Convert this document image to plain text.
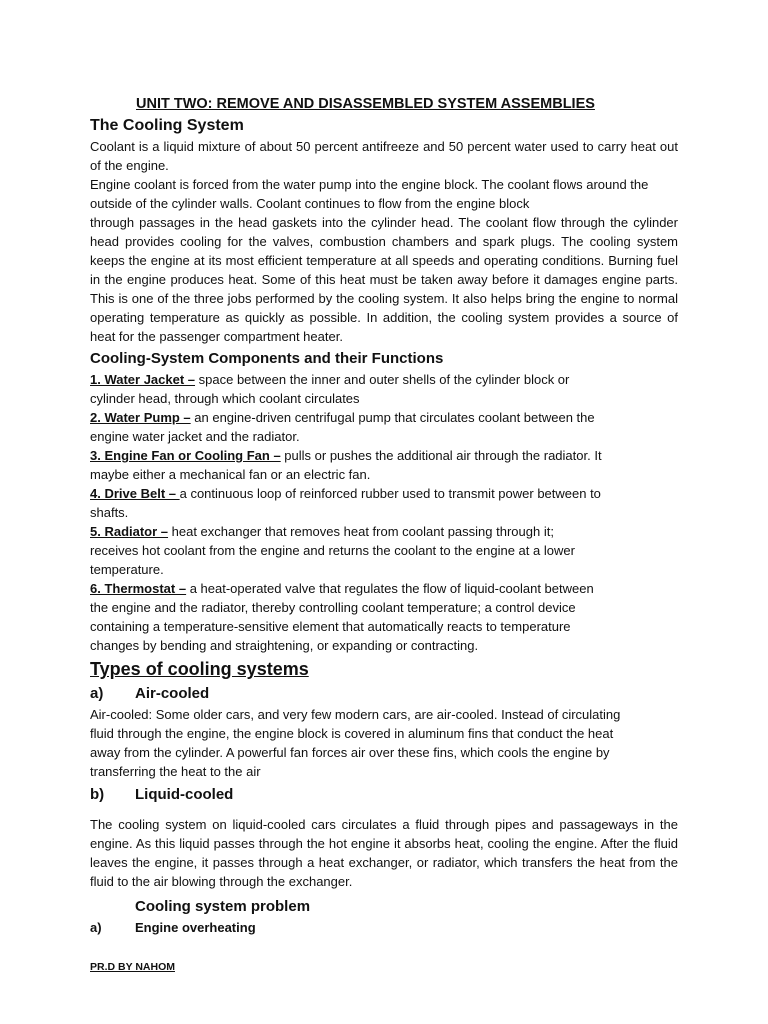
UNIT TWO: REMOVE AND DISASSEMBLED SYSTEM ASSEMBLIES
The Cooling System

Coolant is a liquid mixture of about 50 percent antifreeze and 50 percent water used to carry heat out of the engine.

Engine coolant is forced from the water pump into the engine block. The coolant flows around the outside of the cylinder walls. Coolant continues to flow from the engine block

through passages in the head gaskets into the cylinder head. The coolant flow through the cylinder head provides cooling for the valves, combustion chambers and spark plugs. The cooling system keeps the engine at its most efficient temperature at all speeds and operating conditions. Burning fuel in the engine produces heat. Some of this heat must be taken away before it damages engine parts. This is one of the three jobs performed by the cooling system. It also helps bring the engine to normal operating temperature as quickly as possible. In addition, the cooling system provides a source of heat for the passenger compartment heater.

Cooling-System Components and their Functions

1. Water Jacket – space between the inner and outer shells of the cylinder block or
cylinder head, through which coolant circulates

2. Water Pump – an engine-driven centrifugal pump that circulates coolant between the
engine water jacket and the radiator.

3. Engine Fan or Cooling Fan – pulls or pushes the additional air through the radiator. It
maybe either a mechanical fan or an electric fan.

4. Drive Belt – a continuous loop of reinforced rubber used to transmit power between to
shafts.

5. Radiator – heat exchanger that removes heat from coolant passing through it;
receives hot coolant from the engine and returns the coolant to the engine at a lower
temperature.

6. Thermostat – a heat-operated valve that regulates the flow of liquid-coolant between
the engine and the radiator, thereby controlling coolant temperature; a control device
containing a temperature-sensitive element that automatically reacts to temperature
changes by bending and straightening, or expanding or contracting.

Types of cooling systems
a)	Air-cooled

Air-cooled: Some older cars, and very few modern cars, are air-cooled. Instead of circulating
fluid through the engine, the engine block is covered in aluminum fins that conduct the heat
away from the cylinder. A powerful fan forces air over these fins, which cools the engine by
transferring the heat to the air

b)	Liquid-cooled

The cooling system on liquid-cooled cars circulates a fluid through pipes and passageways in the engine. As this liquid passes through the hot engine it absorbs heat, cooling the engine. After the fluid leaves the engine, it passes through a heat exchanger, or radiator, which transfers the heat from the fluid to the air blowing through the exchanger.

Cooling system problem
a)	Engine overheating
PR.D BY NAHOM
